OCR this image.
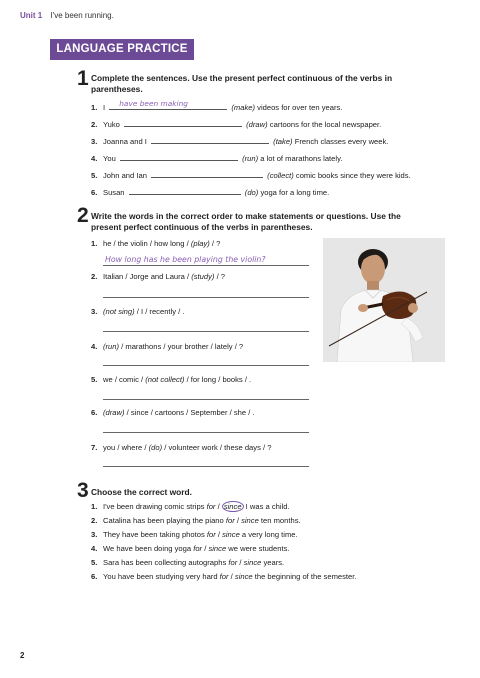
Unit 1 I've been running.
LANGUAGE PRACTICE
1 Complete the sentences. Use the present perfect continuous of the verbs in parentheses.
1. I have been making	(make) videos for over ten years.
2. Yuko	(draw) cartoons for the local newspaper.
3. Joanna and I	(take) French classes every week.
4. You	(run) a lot of marathons lately.
5. John and Ian	(collect) comic books since they were kids.
6. Susan	(do) yoga for a long time.
2 Write the words in the correct order to make statements or questions. Use the present perfect continuous of the verbs in parentheses.
1. he / the violin / how long / (play) / ?
How long has he been playing the violin?
2. Italian / Jorge and Laura / (study) / ?
3. (not sing) / I / recently / .
4. (run) / marathons / your brother / lately / ?
5. we / comic / (not collect) / for long / books / .
6. (draw) / since / cartoons / September / she / .
7. you / where / (do) / volunteer work / these days / ?
3 Choose the correct word.
1. I've been drawing comic strips for / since I was a child.
2. Catalina has been playing the piano for / since ten months.
3. They have been taking photos for / since a very long time.
4. We have been doing yoga for / since we were students.
5. Sara has been collecting autographs for / since years.
6. You have been studying very hard for / since the beginning of the semester.
2
